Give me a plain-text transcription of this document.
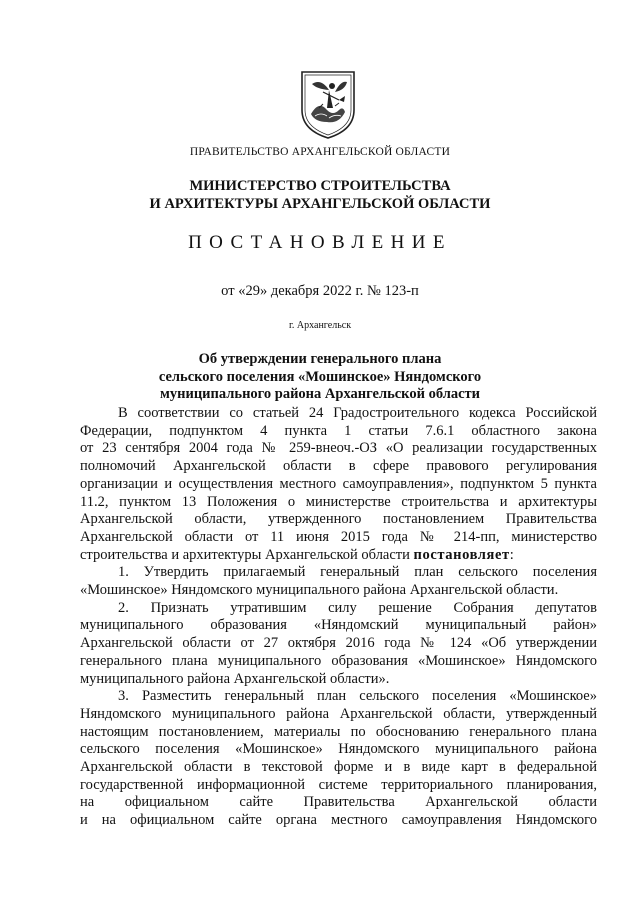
ПРАВИТЕЛЬСТВО АРХАНГЕЛЬСКОЙ ОБЛАСТИ
МИНИСТЕРСТВО СТРОИТЕЛЬСТВА
И АРХИТЕКТУРЫ АРХАНГЕЛЬСКОЙ ОБЛАСТИ
ПОСТАНОВЛЕНИЕ
от «29» декабря 2022 г. № 123-п
г. Архангельск
Об утверждении генерального плана
сельского поселения «Мошинское» Няндомского
муниципального района Архангельской области

В соответствии со статьей 24 Градостроительного кодекса Российской

Федерации, подпунктом 4 пункта 1 статьи 7.6.1 областного закона

от 23 сентября 2004 года № 259-внеоч.-ОЗ «О реализации государственных

полномочий Архангельской области в сфере правового регулирования

организации и осуществления местного самоуправления», подпунктом 5 пункта

11.2, пунктом 13 Положения о министерстве строительства и архитектуры

Архангельской области, утвержденного постановлением Правительства

Архангельской области от 11 июня 2015 года № 214-пп, министерство

строительства и архитектуры Архангельской области постановляет:

1. Утвердить прилагаемый генеральный план сельского поселения

«Мошинское» Няндомского муниципального района Архангельской области.

2. Признать утратившим силу решение Собрания депутатов

муниципального образования «Няндомский муниципальный район»

Архангельской области от 27 октября 2016 года № 124 «Об утверждении

генерального плана муниципального образования «Мошинское» Няндомского

муниципального района Архангельской области».

3. Разместить генеральный план сельского поселения «Мошинское»

Няндомского муниципального района Архангельской области, утвержденный

настоящим постановлением, материалы по обоснованию генерального плана

сельского поселения «Мошинское» Няндомского муниципального района

Архангельской области в текстовой форме и в виде карт в федеральной

государственной информационной системе территориального планирования,

на официальном сайте Правительства Архангельской области

и на официальном сайте органа местного самоуправления Няндомского
